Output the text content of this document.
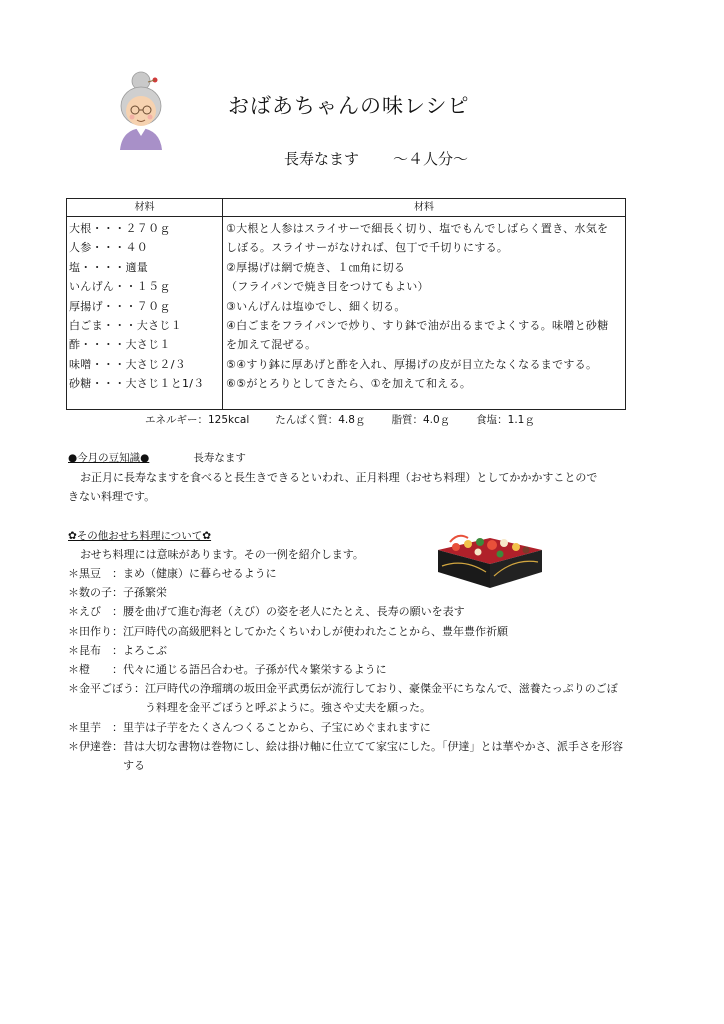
おばあちゃんの味レシピ
長寿なます ～４人分～
材料	材料
大根・・・２７０ｇ
人参・・・４０
塩・・・・適量
いんげん・・１５ｇ
厚揚げ・・・７０ｇ
白ごま・・・大さじ１
酢・・・・大さじ１
味噌・・・大さじ２/３
砂糖・・・大さじ１と1/３
①大根と人参はスライサーで細長く切り、塩でもんでしばらく置き、水気を
しぼる。スライサーがなければ、包丁で千切りにする。
②厚揚げは網で焼き、１㎝角に切る
（フライパンで焼き目をつけてもよい）
③いんげんは塩ゆでし、細く切る。
④白ごまをフライパンで炒り、すり鉢で油が出るまでよくする。味噌と砂糖
を加えて混ぜる。
⑤④すり鉢に厚あげと酢を入れ、厚揚げの皮が目立たなくなるまでする。
⑥⑤がとろりとしてきたら、①を加えて和える。
エネルギー：125kcal たんぱく質：4.8ｇ 脂質：4.0ｇ 食塩：1.1ｇ
●今月の豆知識●	長寿なます
お正月に長寿なますを食べると長生きできるといわれ、正月料理（おせち料理）としてかかかすことのできない料理です。
✿その他おせち料理について✿
おせち料理には意味があります。その一例を紹介します。
＊黒豆　： まめ（健康）に暮らせるように
＊数の子： 子孫繁栄
＊えび　： 腰を曲げて進む海老（えび）の姿を老人にたとえ、長寿の願いを表す
＊田作り： 江戸時代の高級肥料としてかたくちいわしが使われたことから、豊年豊作祈願
＊昆布　： よろこぶ
＊橙　　： 代々に通じる語呂合わせ。子孫が代々繁栄するように
＊金平ごぼう： 江戸時代の浄瑠璃の坂田金平武勇伝が流行しており、豪傑金平にちなんで、滋養たっぷりのごぼう料理を金平ごぼうと呼ぶように。強さや丈夫を願った。
＊里芋　： 里芋は子芋をたくさんつくることから、子宝にめぐまれますに
＊伊達巻： 昔は大切な書物は巻物にし、絵は掛け軸に仕立てて家宝にした。「伊達」とは華やかさ、派手さを形容する
